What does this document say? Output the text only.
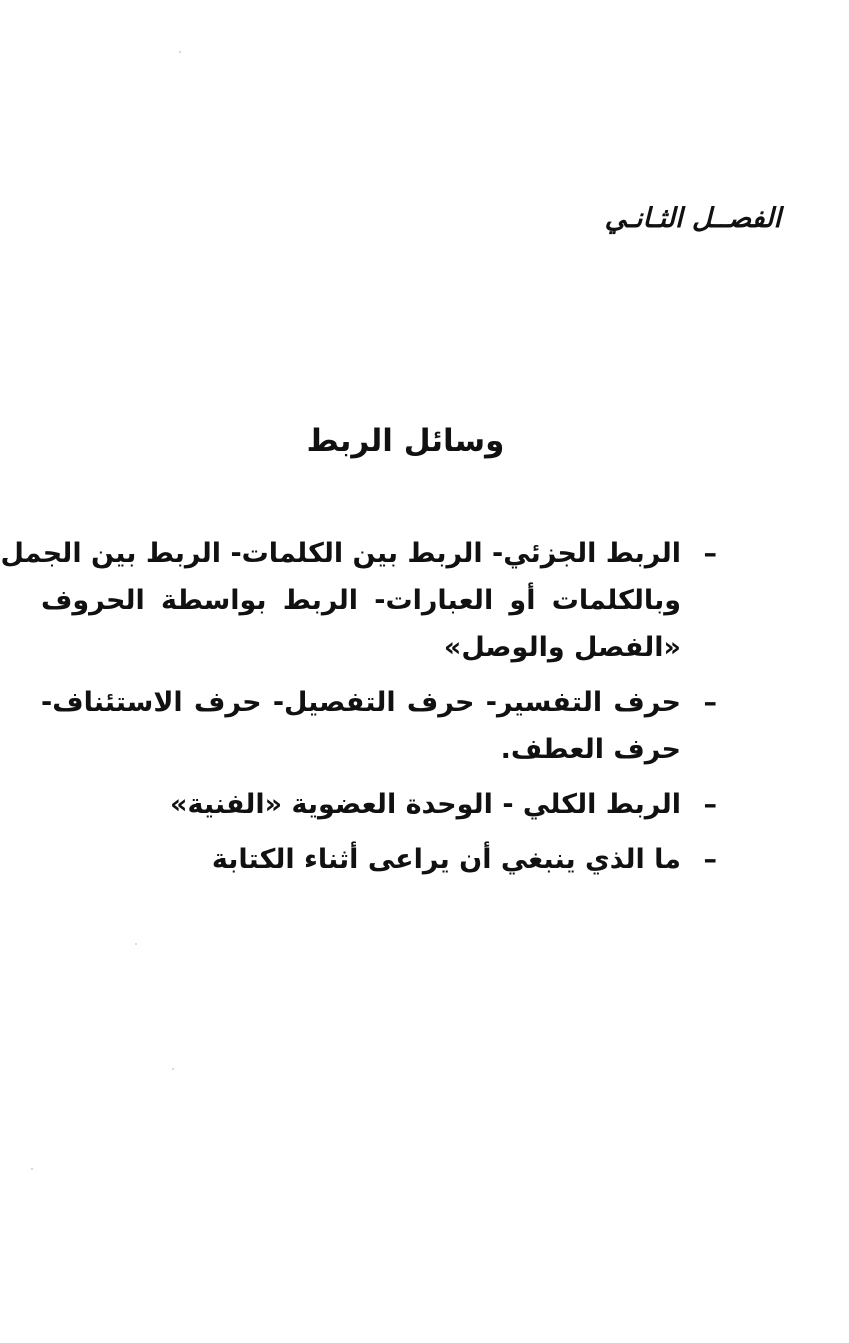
الفصــل الثـانـي
وسائل الربط
–
الربط الجزئي- الربط بين الكلمات- الربط بين الجمل
وبالكلمات أو العبارات- الربط بواسطة الحروف
«الفصل والوصل»
–
حرف التفسير- حرف التفصيل- حرف الاستئناف-
حرف العطف.
–
الربط الكلي - الوحدة العضوية «الفنية»
–
ما الذي ينبغي أن يراعى أثناء الكتابة
